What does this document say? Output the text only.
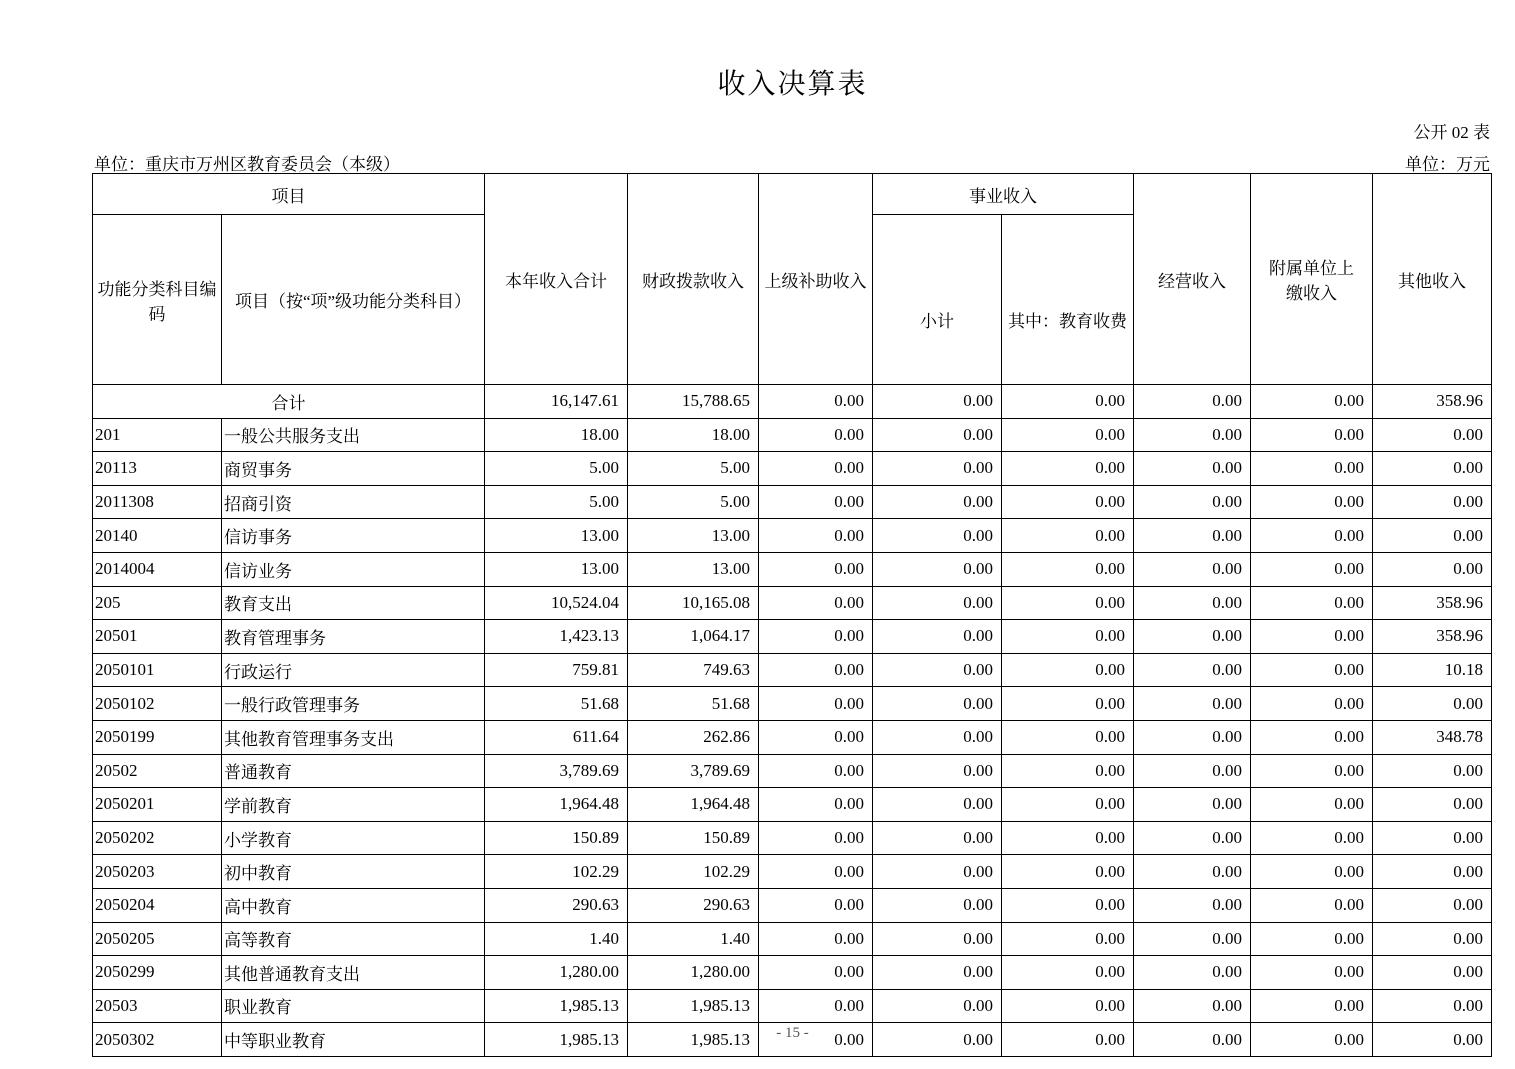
收入决算表
公开 02 表
单位：重庆市万州区教育委员会（本级）	单位：万元
项目		本年收入合计	财政拨款收入	上级补助收入	事业收入		经营收入	附属单位上缴收入	其他收入
功能分类科目编码	项目（按“项”级功能分类科目）				小计	其中：教育收费			
合计		16,147.61	15,788.65	0.00	0.00	0.00	0.00	0.00	358.96
201	一般公共服务支出	18.00	18.00	0.00	0.00	0.00	0.00	0.00	0.00
20113	商贸事务	5.00	5.00	0.00	0.00	0.00	0.00	0.00	0.00
2011308	招商引资	5.00	5.00	0.00	0.00	0.00	0.00	0.00	0.00
20140	信访事务	13.00	13.00	0.00	0.00	0.00	0.00	0.00	0.00
2014004	信访业务	13.00	13.00	0.00	0.00	0.00	0.00	0.00	0.00
205	教育支出	10,524.04	10,165.08	0.00	0.00	0.00	0.00	0.00	358.96
20501	教育管理事务	1,423.13	1,064.17	0.00	0.00	0.00	0.00	0.00	358.96
2050101	行政运行	759.81	749.63	0.00	0.00	0.00	0.00	0.00	10.18
2050102	一般行政管理事务	51.68	51.68	0.00	0.00	0.00	0.00	0.00	0.00
2050199	其他教育管理事务支出	611.64	262.86	0.00	0.00	0.00	0.00	0.00	348.78
20502	普通教育	3,789.69	3,789.69	0.00	0.00	0.00	0.00	0.00	0.00
2050201	学前教育	1,964.48	1,964.48	0.00	0.00	0.00	0.00	0.00	0.00
2050202	小学教育	150.89	150.89	0.00	0.00	0.00	0.00	0.00	0.00
2050203	初中教育	102.29	102.29	0.00	0.00	0.00	0.00	0.00	0.00
2050204	高中教育	290.63	290.63	0.00	0.00	0.00	0.00	0.00	0.00
2050205	高等教育	1.40	1.40	0.00	0.00	0.00	0.00	0.00	0.00
2050299	其他普通教育支出	1,280.00	1,280.00	0.00	0.00	0.00	0.00	0.00	0.00
20503	职业教育	1,985.13	1,985.13	0.00	0.00	0.00	0.00	0.00	0.00
2050302	中等职业教育	1,985.13	1,985.13	0.00	0.00	0.00	0.00	0.00	0.00
- 15 -
